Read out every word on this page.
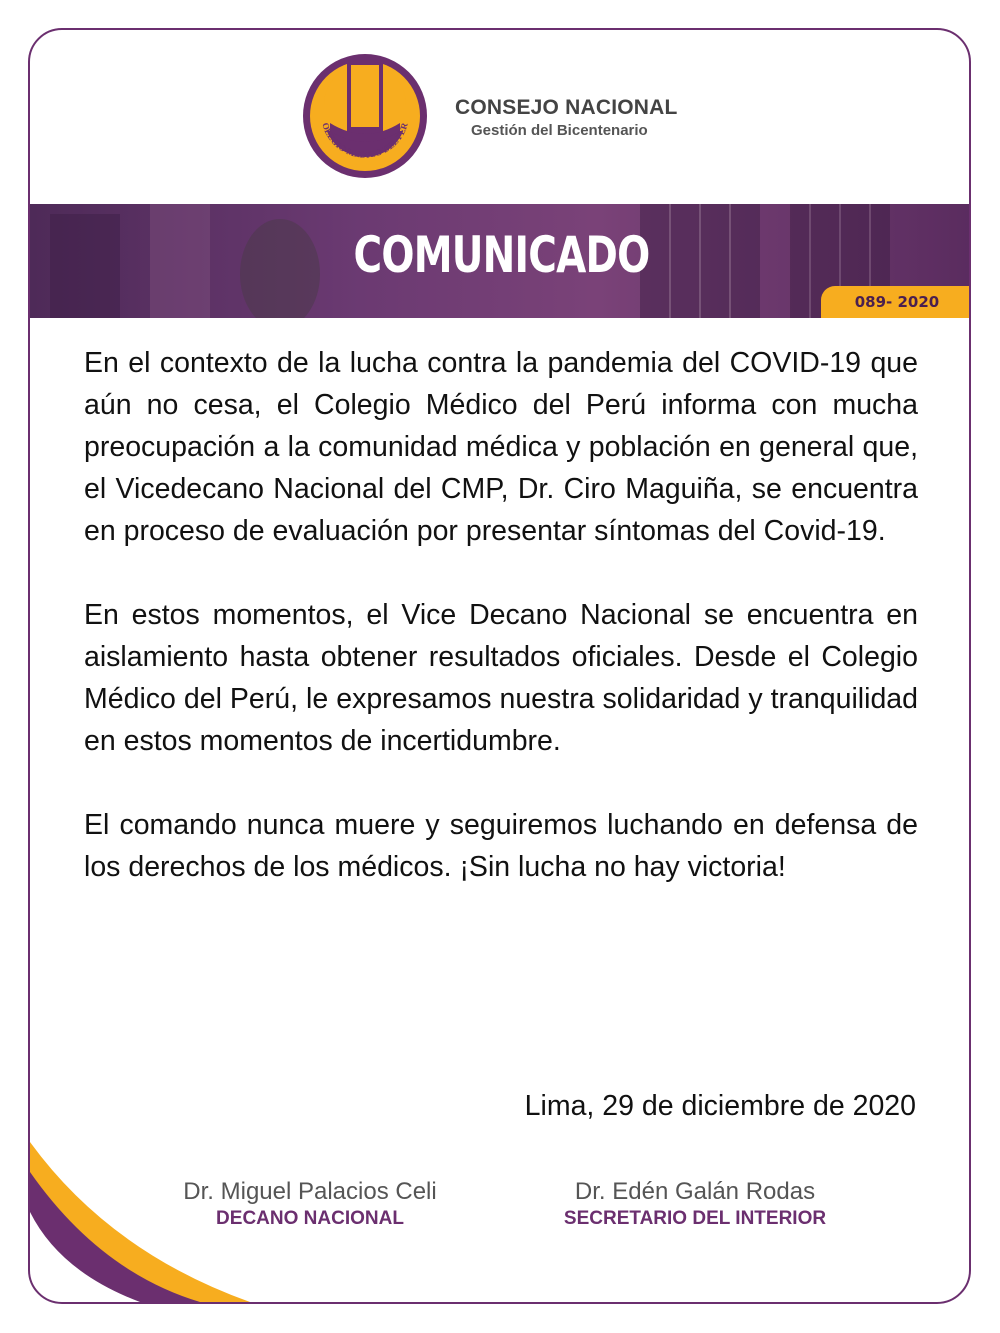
OLEGIO MEDICO DEL PER
CONSEJO NACIONAL
Gestión del Bicentenario
COMUNICADO
089- 2020

En el contexto de la lucha contra la pandemia del COVID-19 que aún no cesa, el Colegio Médico del Perú informa con mucha preocupación a la comunidad médica y población en general que, el Vicedecano Nacional del CMP, Dr. Ciro Maguiña, se encuentra en proceso de evaluación por presentar síntomas del Covid-19.

En estos momentos, el Vice Decano Nacional se encuentra en aislamiento hasta obtener resultados oficiales. Desde el Colegio Médico del Perú, le expresamos nuestra solidaridad y tranquilidad en estos momentos de incertidumbre.

El comando nunca muere y seguiremos luchando en defensa de los derechos de los médicos. ¡Sin lucha no hay victoria!

Lima, 29 de diciembre de 2020
Dr. Miguel Palacios Celi
DECANO NACIONAL
Dr. Edén Galán Rodas
SECRETARIO DEL INTERIOR
